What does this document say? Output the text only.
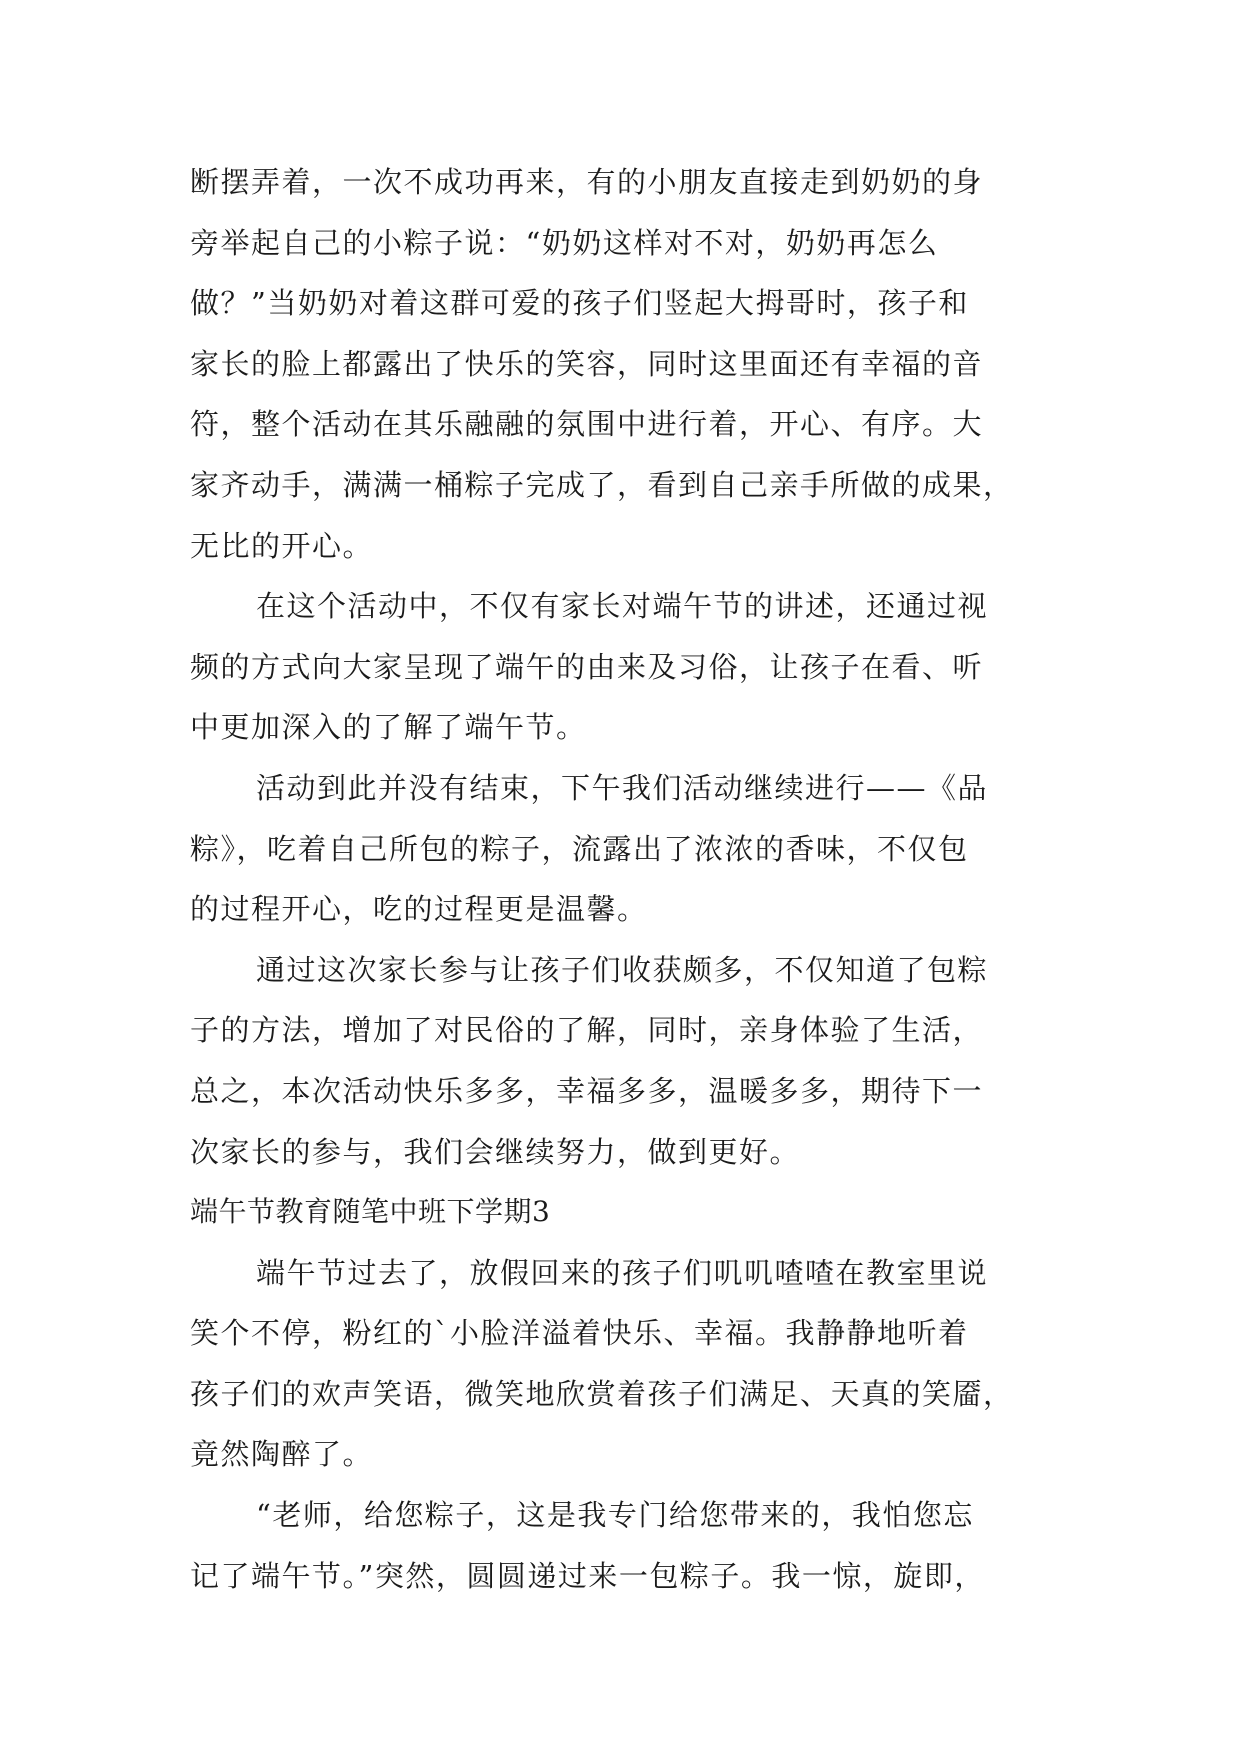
断摆弄着，一次不成功再来，有的小朋友直接走到奶奶的身
旁举起自己的小粽子说：“奶奶这样对不对，奶奶再怎么
做？”当奶奶对着这群可爱的孩子们竖起大拇哥时，孩子和
家长的脸上都露出了快乐的笑容，同时这里面还有幸福的音
符，整个活动在其乐融融的氛围中进行着，开心、有序。大
家齐动手，满满一桶粽子完成了，看到自己亲手所做的成果，
无比的开心。
在这个活动中，不仅有家长对端午节的讲述，还通过视
频的方式向大家呈现了端午的由来及习俗，让孩子在看、听
中更加深入的了解了端午节。
活动到此并没有结束，下午我们活动继续进行——《品
粽》，吃着自己所包的粽子，流露出了浓浓的香味，不仅包
的过程开心，吃的过程更是温馨。
通过这次家长参与让孩子们收获颇多，不仅知道了包粽
子的方法，增加了对民俗的了解，同时，亲身体验了生活，
总之，本次活动快乐多多，幸福多多，温暖多多，期待下一
次家长的参与，我们会继续努力，做到更好。
端午节教育随笔中班下学期3
端午节过去了，放假回来的孩子们叽叽喳喳在教室里说
笑个不停，粉红的`小脸洋溢着快乐、幸福。我静静地听着
孩子们的欢声笑语，微笑地欣赏着孩子们满足、天真的笑靥，
竟然陶醉了。
“老师，给您粽子，这是我专门给您带来的，我怕您忘
记了端午节。”突然，圆圆递过来一包粽子。我一惊，旋即，
